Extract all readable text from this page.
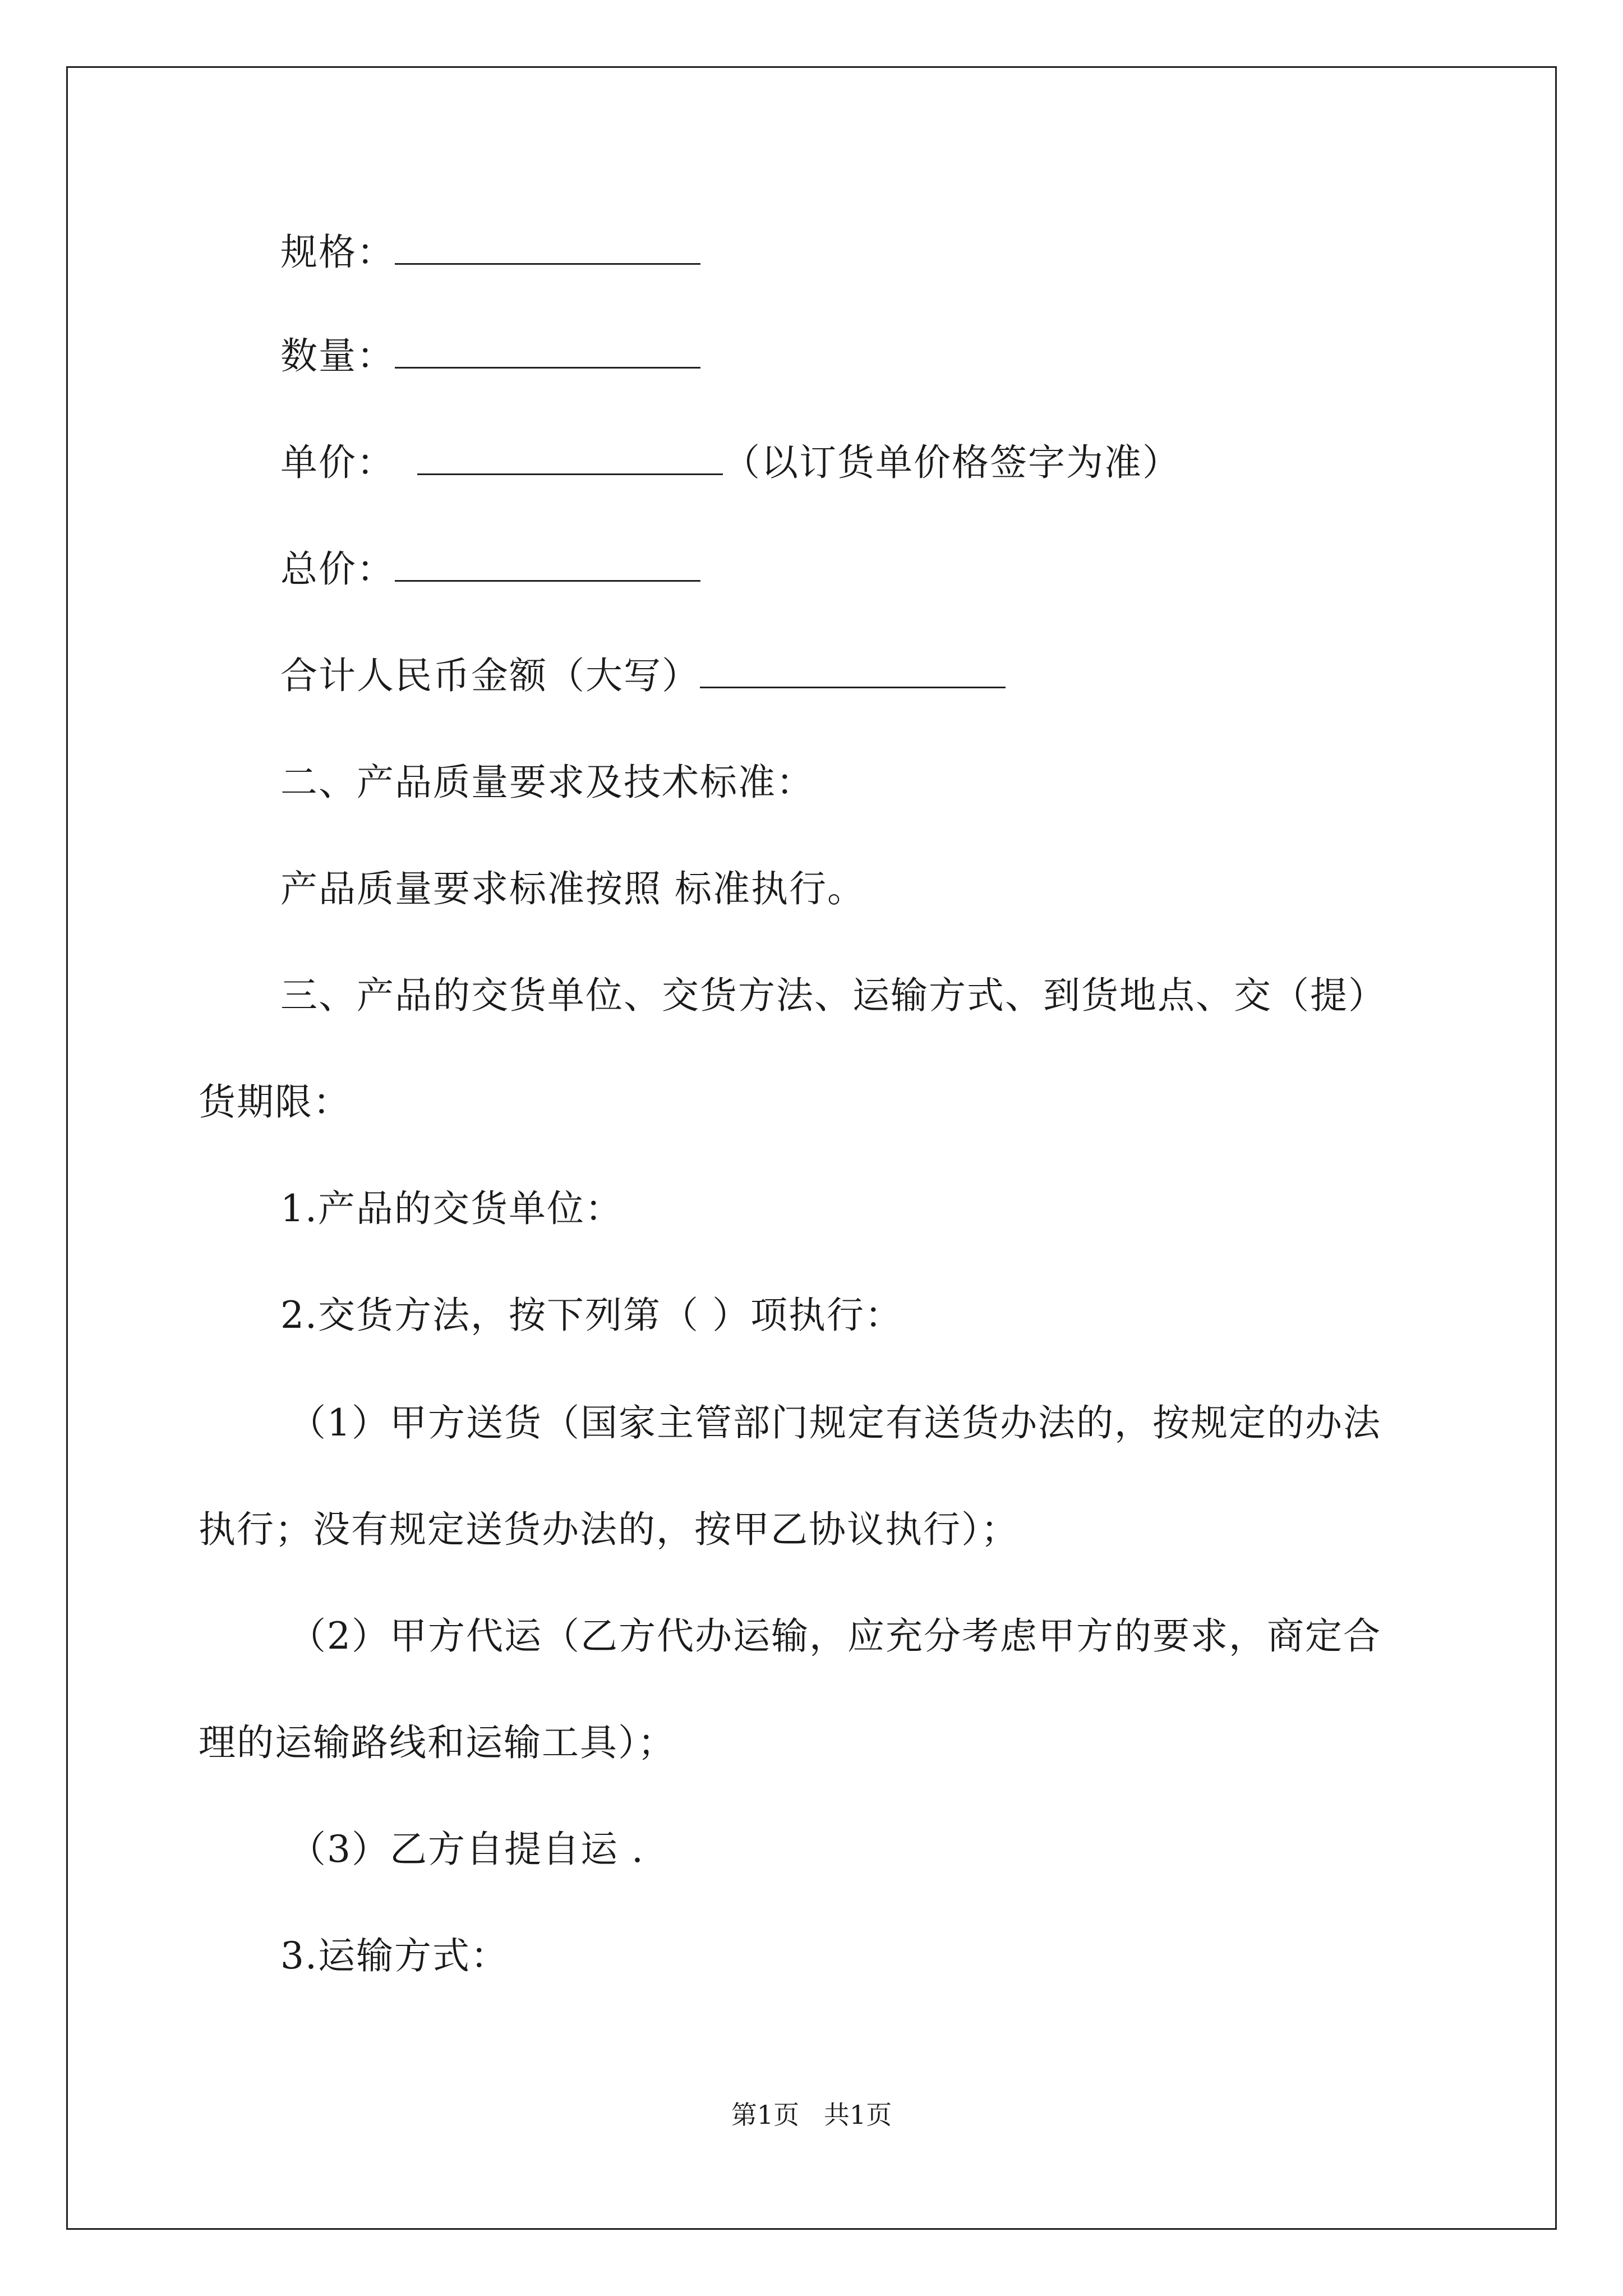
规格：
数量：
单价：	（以订货单价格签字为准）
总价：
合计人民币金额（大写）
二、产品质量要求及技术标准：
产品质量要求标准按照 标准执行。
三、产品的交货单位、交货方法、运输方式、到货地点、交（提）
货期限：
1.产品的交货单位：
2.交货方法，按下列第（ ）项执行：
（1）甲方送货（国家主管部门规定有送货办法的，按规定的办法
执行；没有规定送货办法的，按甲乙协议执行）；
（2）甲方代运（乙方代办运输，应充分考虑甲方的要求，商定合
理的运输路线和运输工具）；
（3）乙方自提自运 .
3.运输方式：
第1页   共1页
